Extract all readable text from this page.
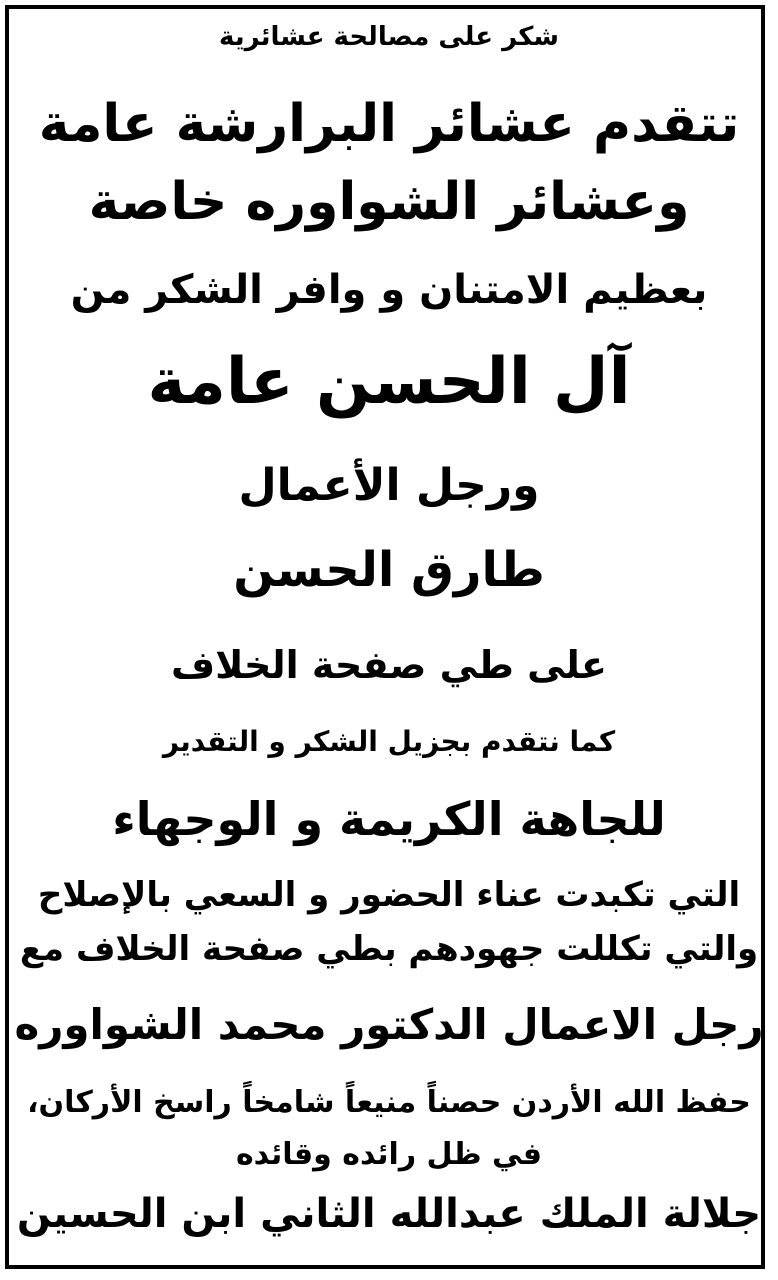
شكر على مصالحة عشائرية
تتقدم عشائر البرارشة عامة
وعشائر الشواوره خاصة
بعظيم الامتنان و وافر الشكر من
آل الحسن عامة
ورجل الأعمال
طارق الحسن
على طي صفحة الخلاف
كما نتقدم بجزيل الشكر و التقدير
للجاهة الكريمة و الوجهاء
التي تكبدت عناء الحضور و السعي بالإصلاح
والتي تكللت جهودهم بطي صفحة الخلاف مع
رجل الاعمال الدكتور محمد الشواوره
حفظ الله الأردن حصناً منيعاً شامخاً راسخ الأركان،
في ظل رائده وقائده
جلالة الملك عبدالله الثاني ابن الحسين
